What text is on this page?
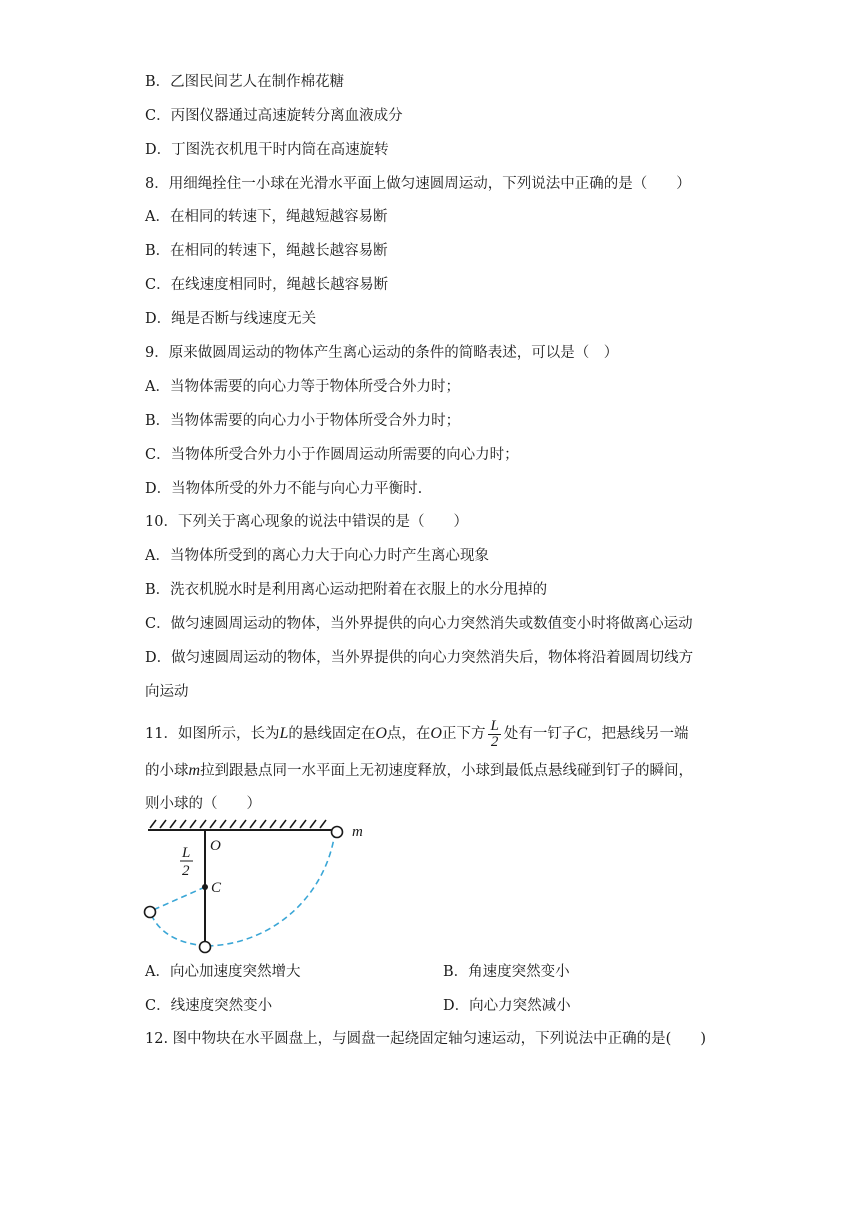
B．乙图民间艺人在制作棉花糖
C．丙图仪器通过高速旋转分离血液成分
D．丁图洗衣机甩干时内筒在高速旋转
8．用细绳拴住一小球在光滑水平面上做匀速圆周运动，下列说法中正确的是（　　）
A．在相同的转速下，绳越短越容易断
B．在相同的转速下，绳越长越容易断
C．在线速度相同时，绳越长越容易断
D．绳是否断与线速度无关
9．原来做圆周运动的物体产生离心运动的条件的简略表述，可以是（　）
A．当物体需要的向心力等于物体所受合外力时；
B．当物体需要的向心力小于物体所受合外力时；
C．当物体所受合外力小于作圆周运动所需要的向心力时；
D．当物体所受的外力不能与向心力平衡时.
10．下列关于离心现象的说法中错误的是（　　）
A．当物体所受到的离心力大于向心力时产生离心现象
B．洗衣机脱水时是利用离心运动把附着在衣服上的水分甩掉的
C．做匀速圆周运动的物体，当外界提供的向心力突然消失或数值变小时将做离心运动
D．做匀速圆周运动的物体，当外界提供的向心力突然消失后，物体将沿着圆周切线方
向运动
11．如图所示，长为L的悬线固定在O点，在O正下方 $\frac{L}{2}$ 处有一钉子C，把悬线另一端
的小球m拉到跟悬点同一水平面上无初速度释放，小球到最低点悬线碰到钉子的瞬间，
则小球的（　　）
O
C
m
L
2
A．向心加速度突然增大	B．角速度突然变小
C．线速度突然变小	D．向心力突然减小
12. 图中物块在水平圆盘上，与圆盘一起绕固定轴匀速运动，下列说法中正确的是(　　)
